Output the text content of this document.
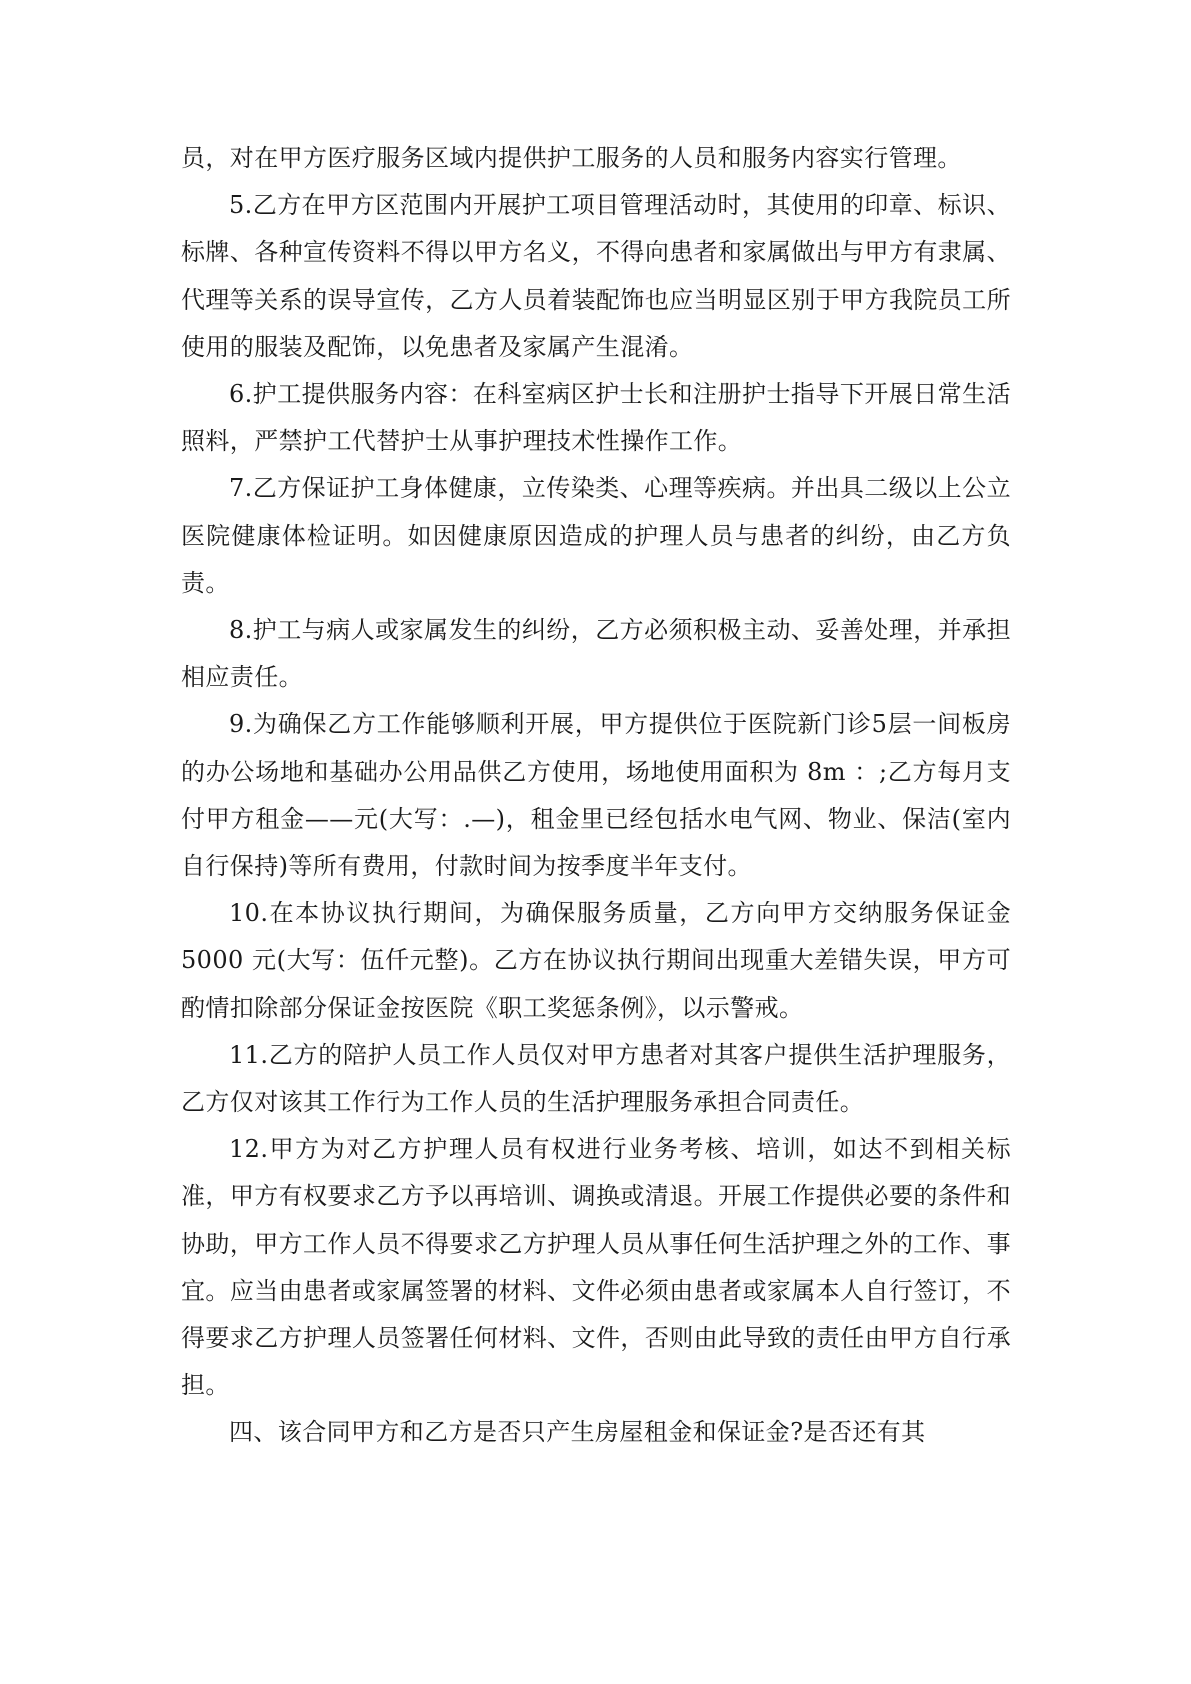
员，对在甲方医疗服务区域内提供护工服务的人员和服务内容实行管理。

5.乙方在甲方区范围内开展护工项目管理活动时，其使用的印章、标识、标牌、各种宣传资料不得以甲方名义，不得向患者和家属做出与甲方有隶属、代理等关系的误导宣传，乙方人员着装配饰也应当明显区别于甲方我院员工所使用的服装及配饰，以免患者及家属产生混淆。

6.护工提供服务内容：在科室病区护士长和注册护士指导下开展日常生活照料，严禁护工代替护士从事护理技术性操作工作。

7.乙方保证护工身体健康，立传染类、心理等疾病。并出具二级以上公立医院健康体检证明。如因健康原因造成的护理人员与患者的纠纷，由乙方负责。

8.护工与病人或家属发生的纠纷，乙方必须积极主动、妥善处理，并承担相应责任。

9.为确保乙方工作能够顺利开展，甲方提供位于医院新门诊5层一间板房的办公场地和基础办公用品供乙方使用，场地使用面积为 8m ：;乙方每月支付甲方租金——元(大写：.—)，租金里已经包括水电气网、物业、保洁(室内自行保持)等所有费用，付款时间为按季度半年支付。

10.在本协议执行期间，为确保服务质量，乙方向甲方交纳服务保证金 5000 元(大写：伍仟元整)。乙方在协议执行期间出现重大差错失误，甲方可酌情扣除部分保证金按医院《职工奖惩条例》，以示警戒。

11.乙方的陪护人员工作人员仅对甲方患者对其客户提供生活护理服务，乙方仅对该其工作行为工作人员的生活护理服务承担合同责任。

12.甲方为对乙方护理人员有权进行业务考核、培训，如达不到相关标准，甲方有权要求乙方予以再培训、调换或清退。开展工作提供必要的条件和协助，甲方工作人员不得要求乙方护理人员从事任何生活护理之外的工作、事宜。应当由患者或家属签署的材料、文件必须由患者或家属本人自行签订，不得要求乙方护理人员签署任何材料、文件，否则由此导致的责任由甲方自行承担。

四、该合同甲方和乙方是否只产生房屋租金和保证金?是否还有其
